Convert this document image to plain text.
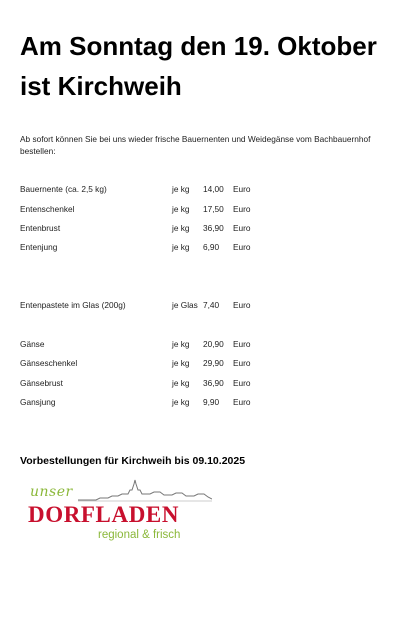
Am Sonntag den 19. Oktober
ist Kirchweih
Ab sofort können Sie bei uns wieder frische Bauernenten und Weidegänse vom Bachbauernhof bestellen:
Bauernente (ca. 2,5 kg)	je kg 14,00 Euro
Entenschenkel	je kg 17,50 Euro
Entenbrust	je kg 36,90 Euro
Entenjung	je kg 6,90 Euro
Entenpastete im Glas (200g)	je Glas 7,40 Euro
Gänse	je kg 20,90 Euro
Gänseschenkel	je kg 29,90 Euro
Gänsebrust	je kg 36,90 Euro
Gansjung	je kg 9,90 Euro
Vorbestellungen für Kirchweih bis 09.10.2025
unser
DORFLADEN
regional & frisch
